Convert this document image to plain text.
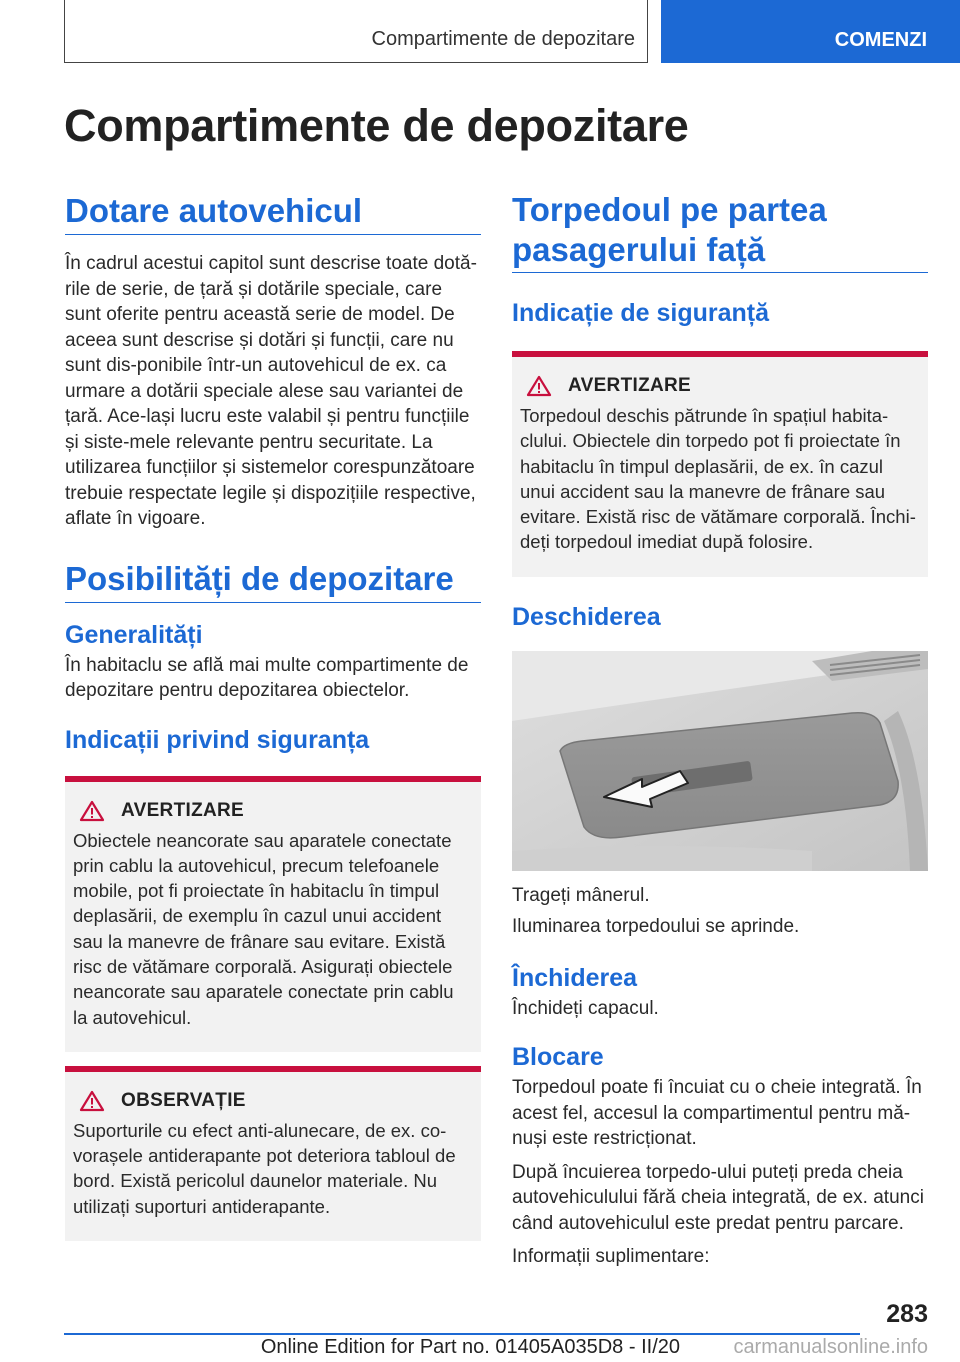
Compartimente de depozitare	COMENZI
Compartimente de depozitare
Dotare autovehicul

În cadrul acestui capitol sunt descrise toate dotă-rile de serie, de țară și dotările speciale, care sunt oferite pentru această serie de model. De aceea sunt descrise și dotări și funcții, care nu sunt dis-ponibile într-un autovehicul de ex. ca urmare a dotării speciale alese sau variantei de țară. Ace-lași lucru este valabil și pentru funcțiile și siste-mele relevante pentru securitate. La utilizarea funcțiilor și sistemelor corespunzătoare trebuie respectate legile și dispozițiile respective, aflate în vigoare.

Posibilități de depozitare
Generalități

În habitaclu se află mai multe compartimente de depozitare pentru depozitarea obiectelor.

Indicații privind siguranța
AVERTIZARE

Obiectele neancorate sau aparatele conectate prin cablu la autovehicul, precum telefoanele mobile, pot fi proiectate în habitaclu în timpul deplasării, de exemplu în cazul unui accident sau la manevre de frânare sau evitare. Există risc de vătămare corporală. Asigurați obiectele neancorate sau aparatele conectate prin cablu la autovehicul.

OBSERVAȚIE

Suporturile cu efect anti-alunecare, de ex. co-vorașele antiderapante pot deteriora tabloul de bord. Există pericolul daunelor materiale. Nu utilizați suporturi antiderapante.

Torpedoul pe partea pasagerului față
Indicație de siguranță
AVERTIZARE

Torpedoul deschis pătrunde în spațiul habita-clului. Obiectele din torpedo pot fi proiectate în habitaclu în timpul deplasării, de ex. în cazul unui accident sau la manevre de frânare sau evitare. Există risc de vătămare corporală. Închi-deți torpedoul imediat după folosire.

Deschiderea

Trageți mânerul.

Iluminarea torpedoului se aprinde.

Închiderea

Închideți capacul.

Blocare

Torpedoul poate fi încuiat cu o cheie integrată. În acest fel, accesul la compartimentul pentru mă-nuși este restricționat.

După încuierea torpedo-ului puteți preda cheia autovehiculului fără cheia integrată, de ex. atunci când autovehiculul este predat pentru parcare.

Informații suplimentare:

283
Online Edition for Part no. 01405A035D8 - II/20	carmanualsonline.info
